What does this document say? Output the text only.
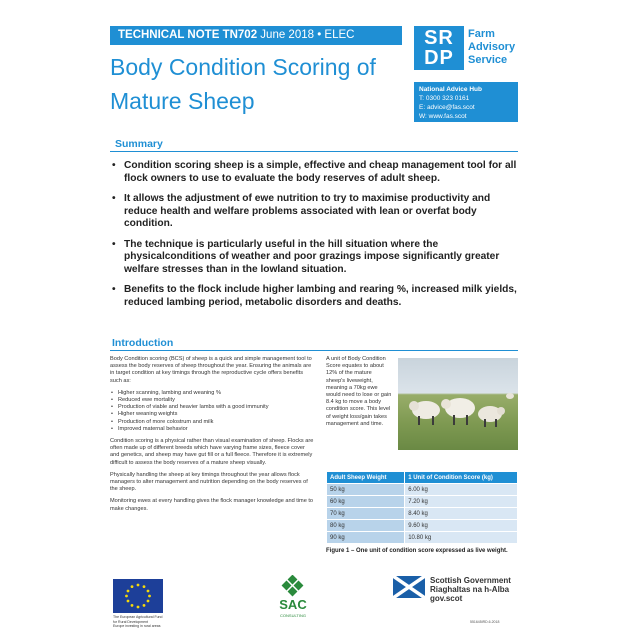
TECHNICAL NOTE TN702 June 2018 • ELEC
Body Condition Scoring of
Mature Sheep
SR
DP
Farm
Advisory
Service
National Advice Hub
T: 0300 323 0161
E: advice@fas.scot
W: www.fas.scot
Summary
• Condition scoring sheep is a simple, effective and cheap management tool for all flock owners to use to evaluate the body reserves of adult sheep.
• It allows the adjustment of ewe nutrition to try to maximise productivity and reduce health and welfare problems associated with lean or overfat body condition.
• The technique is particularly useful in the hill situation where the physicalconditions of weather and poor grazings impose significantly greater welfare stresses than in the lowland situation.
• Benefits to the flock include higher lambing and rearing %, increased milk yields, reduced lambing period, metabolic disorders and deaths.
Introduction

Body Condition scoring (BCS) of sheep is a quick and simple management tool to assess the body reserves of sheep throughout the year. Ensuring the animals are in target condition at key timings through the reproductive cycle offers benefits such as:

• Higher scanning, lambing and weaning %
• Reduced ewe mortality
• Production of viable and heavier lambs with a good immunity
• Higher weaning weights
• Production of more colostrum and milk
• Improved maternal behavior

Condition scoring is a physical rather than visual examination of sheep. Flocks are often made up of different breeds which have varying frame sizes, fleece cover and genetics, and sheep may have gut fill or a full fleece. Therefore it is extremely difficult to assess the body reserves of a mature sheep visually.

Physically handling the sheep at key timings throughout the year allows flock managers to alter management and nutrition depending on the body reserves of the sheep.

Monitoring ewes at every handling gives the flock manager knowledge and time to make changes.

A unit of Body Condition Score equates to about 12% of the mature sheep's liveweight, meaning a 70kg ewe would need to lose or gain 8.4 kg to move a body condition score. This level of weight loss/gain takes management and time.
Adult Sheep Weight	1 Unit of Condition Score (kg)
50 kg	6.00 kg
60 kg	7.20 kg
70 kg	8.40 kg
80 kg	9.60 kg
90 kg	10.80 kg
Figure 1 – One unit of condition score expressed as live weight.
The European Agricultural Fund
for Rural Development
Europe investing in rural areas
SAC
CONSULTING
Scottish Government
Riaghaltas na h-Alba
gov.scot
551645IRD.6.2018
